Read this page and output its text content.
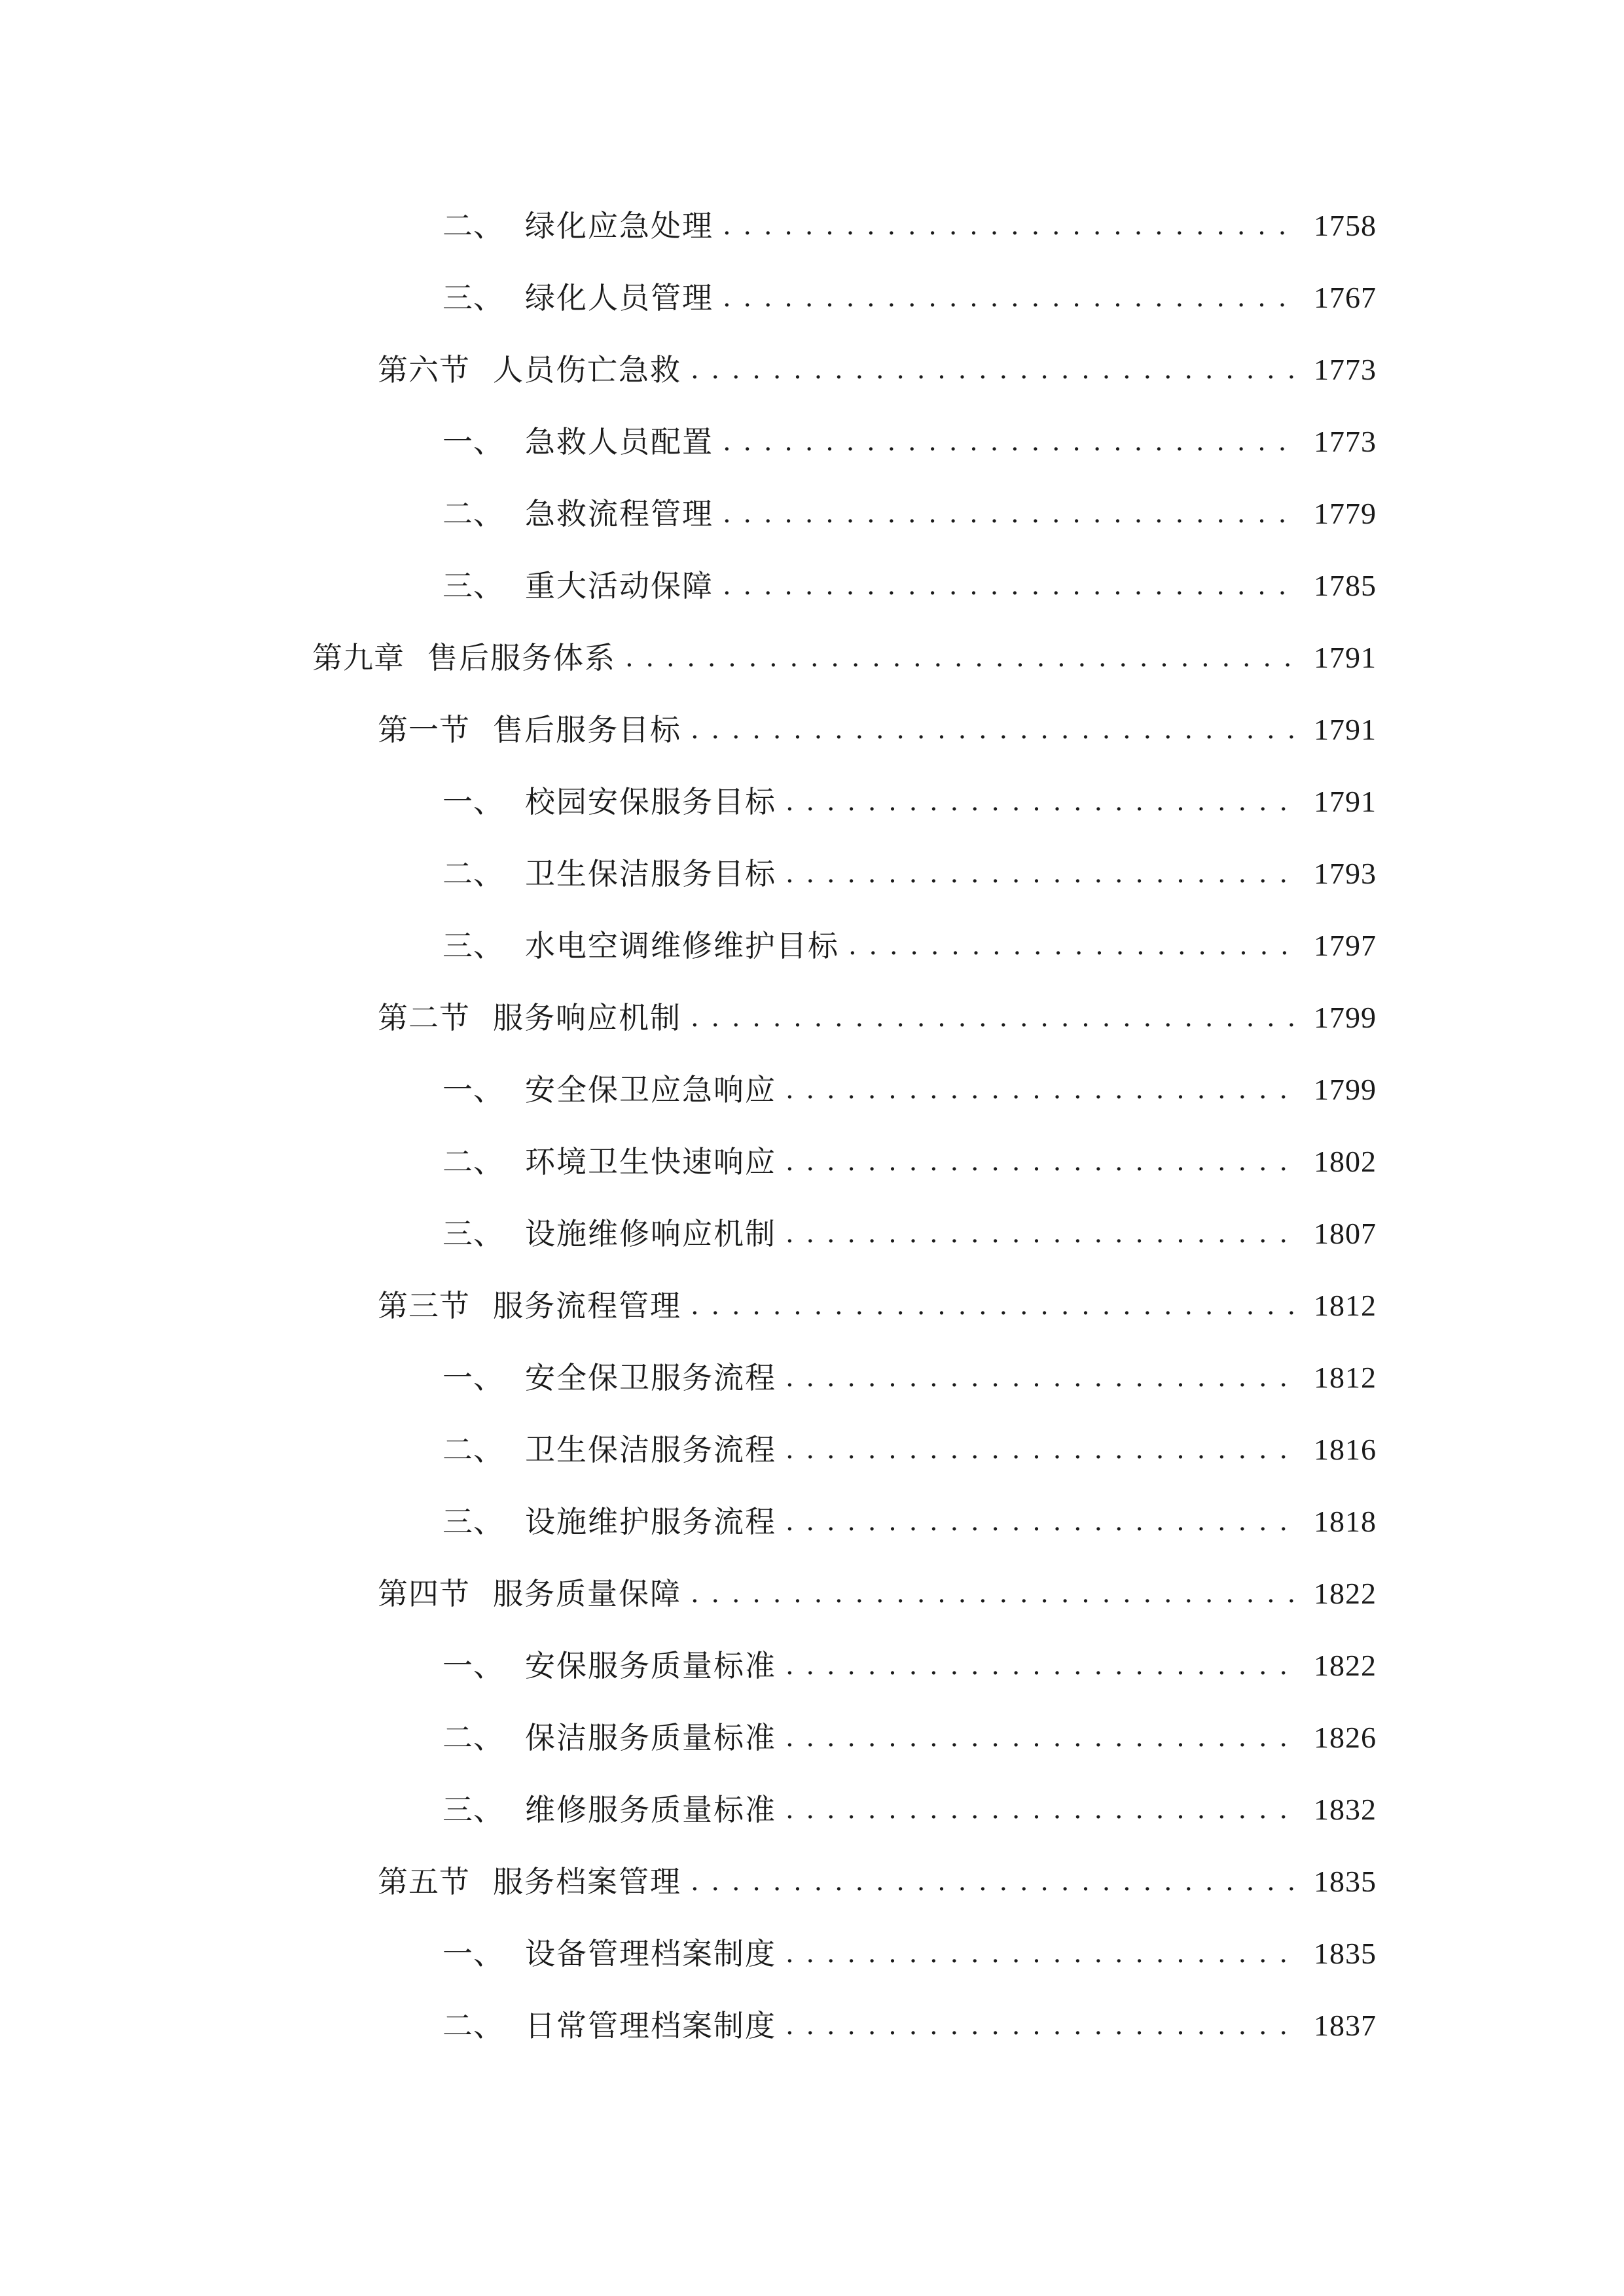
二、 绿化应急处理 . . .	1758
三、 绿化人员管理 . . .	1767
第六节 人员伤亡急救 . . .	1773
一、 急救人员配置 . . .	1773
二、 急救流程管理 . . .	1779
三、 重大活动保障 . . .	1785
第九章 售后服务体系 . . .	1791
第一节 售后服务目标 . . .	1791
一、 校园安保服务目标 . . .	1791
二、 卫生保洁服务目标 . . .	1793
三、 水电空调维修维护目标 . . .	1797
第二节 服务响应机制 . . .	1799
一、 安全保卫应急响应 . . .	1799
二、 环境卫生快速响应 . . .	1802
三、 设施维修响应机制 . . .	1807
第三节 服务流程管理 . . .	1812
一、 安全保卫服务流程 . . .	1812
二、 卫生保洁服务流程 . . .	1816
三、 设施维护服务流程 . . .	1818
第四节 服务质量保障 . . .	1822
一、 安保服务质量标准 . . .	1822
二、 保洁服务质量标准 . . .	1826
三、 维修服务质量标准 . . .	1832
第五节 服务档案管理 . . .	1835
一、 设备管理档案制度 . . .	1835
二、 日常管理档案制度 . . .	1837
